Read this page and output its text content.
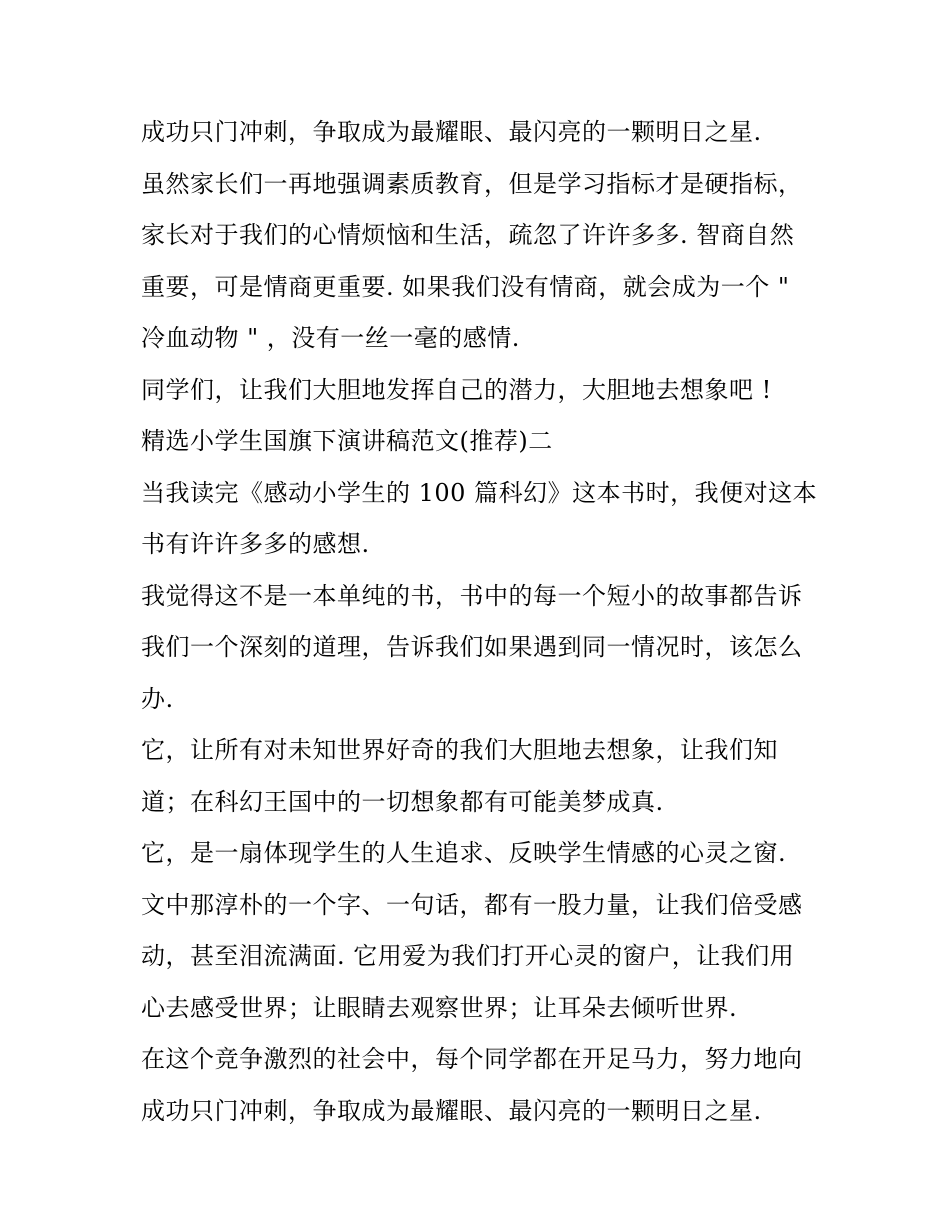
成功只门冲刺，争取成为最耀眼、最闪亮的一颗明日之星.
虽然家长们一再地强调素质教育，但是学习指标才是硬指标，
家长对于我们的心情烦恼和生活，疏忽了许许多多. 智商自然
重要，可是情商更重要. 如果我们没有情商，就会成为一个 "
冷血动物 " ，没有一丝一毫的感情.
同学们，让我们大胆地发挥自己的潜力，大胆地去想象吧 !
精选小学生国旗下演讲稿范文(推荐)二
当我读完《感动小学生的 100 篇科幻》这本书时，我便对这本
书有许许多多的感想.
我觉得这不是一本单纯的书，书中的每一个短小的故事都告诉
我们一个深刻的道理，告诉我们如果遇到同一情况时，该怎么
办.
它，让所有对未知世界好奇的我们大胆地去想象，让我们知
道；在科幻王国中的一切想象都有可能美梦成真.
它，是一扇体现学生的人生追求、反映学生情感的心灵之窗.
文中那淳朴的一个字、一句话，都有一股力量，让我们倍受感
动，甚至泪流满面. 它用爱为我们打开心灵的窗户，让我们用
心去感受世界；让眼睛去观察世界；让耳朵去倾听世界.
在这个竞争激烈的社会中，每个同学都在开足马力，努力地向
成功只门冲刺，争取成为最耀眼、最闪亮的一颗明日之星.
